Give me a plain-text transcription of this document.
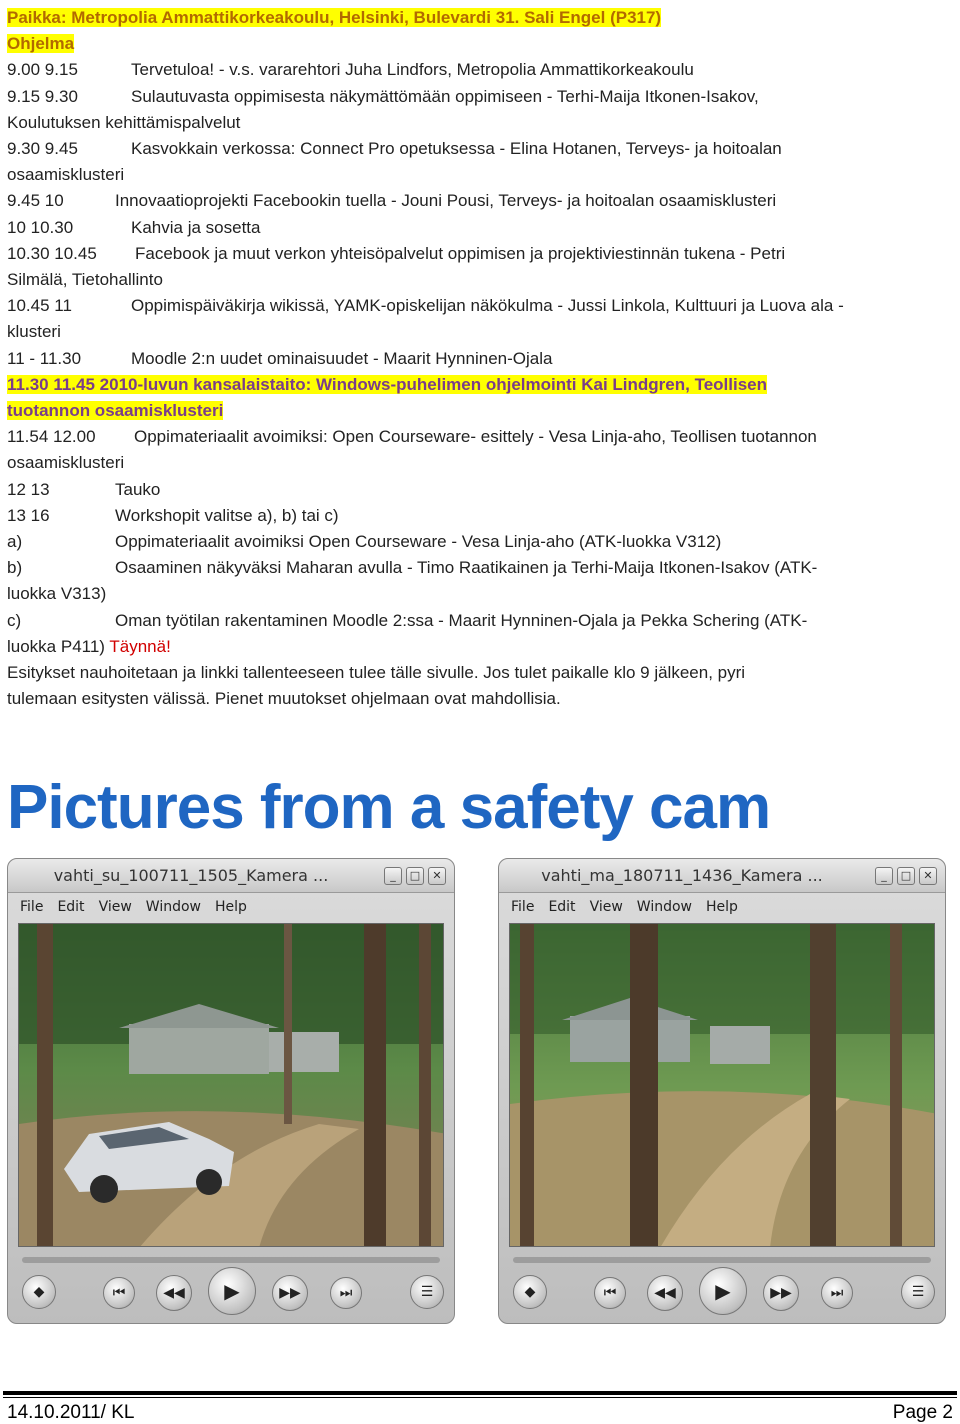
Paikka: Metropolia Ammattikorkeakoulu, Helsinki, Bulevardi 31. Sali Engel (P317)
Ohjelma
9.00 9.15	Tervetuloa! - v.s. vararehtori Juha Lindfors, Metropolia Ammattikorkeakoulu
9.15 9.30	Sulautuvasta oppimisesta näkymättömään oppimiseen - Terhi-Maija Itkonen-Isakov,
Koulutuksen kehittämispalvelut
9.30 9.45	Kasvokkain verkossa: Connect Pro opetuksessa - Elina Hotanen, Terveys- ja hoitoalan
osaamisklusteri
9.45 10	Innovaatioprojekti Facebookin tuella - Jouni Pousi, Terveys- ja hoitoalan osaamisklusteri
10 10.30	Kahvia ja sosetta
10.30 10.45 Facebook ja muut verkon yhteisöpalvelut oppimisen ja projektiviestinnän tukena - Petri
Silmälä, Tietohallinto
10.45 11	Oppimispäiväkirja wikissä, YAMK-opiskelijan näkökulma - Jussi Linkola, Kulttuuri ja Luova ala -
klusteri
11 - 11.30	Moodle 2:n uudet ominaisuudet - Maarit Hynninen-Ojala
11.30 11.45 2010-luvun kansalaistaito: Windows-puhelimen ohjelmointi Kai Lindgren, Teollisen
tuotannon osaamisklusteri
11.54 12.00 Oppimateriaalit avoimiksi: Open Courseware- esittely - Vesa Linja-aho, Teollisen tuotannon
osaamisklusteri
12 13	Tauko
13 16	Workshopit valitse a), b) tai c)
a)	Oppimateriaalit avoimiksi Open Courseware - Vesa Linja-aho (ATK-luokka V312)
b)	Osaaminen näkyväksi Maharan avulla - Timo Raatikainen ja Terhi-Maija Itkonen-Isakov (ATK-
luokka V313)
c)	Oman työtilan rakentaminen Moodle 2:ssa - Maarit Hynninen-Ojala ja Pekka Schering (ATK-
luokka P411) Täynnä!
Esitykset nauhoitetaan ja linkki tallenteeseen tulee tälle sivulle. Jos tulet paikalle klo 9 jälkeen, pyri
tulemaan esitysten välissä. Pienet muutokset ohjelmaan ovat mahdollisia.
Pictures from a safety cam
vahti_su_100711_1505_Kamera ...	_	□	✕
File Edit View Window Help
◆	⏮	◀◀	▶	▶▶	⏭	☰
vahti_ma_180711_1436_Kamera ...	_	□	✕
File Edit View Window Help
◆	⏮	◀◀	▶	▶▶	⏭	☰
14.10.2011/ KL	Page 2
